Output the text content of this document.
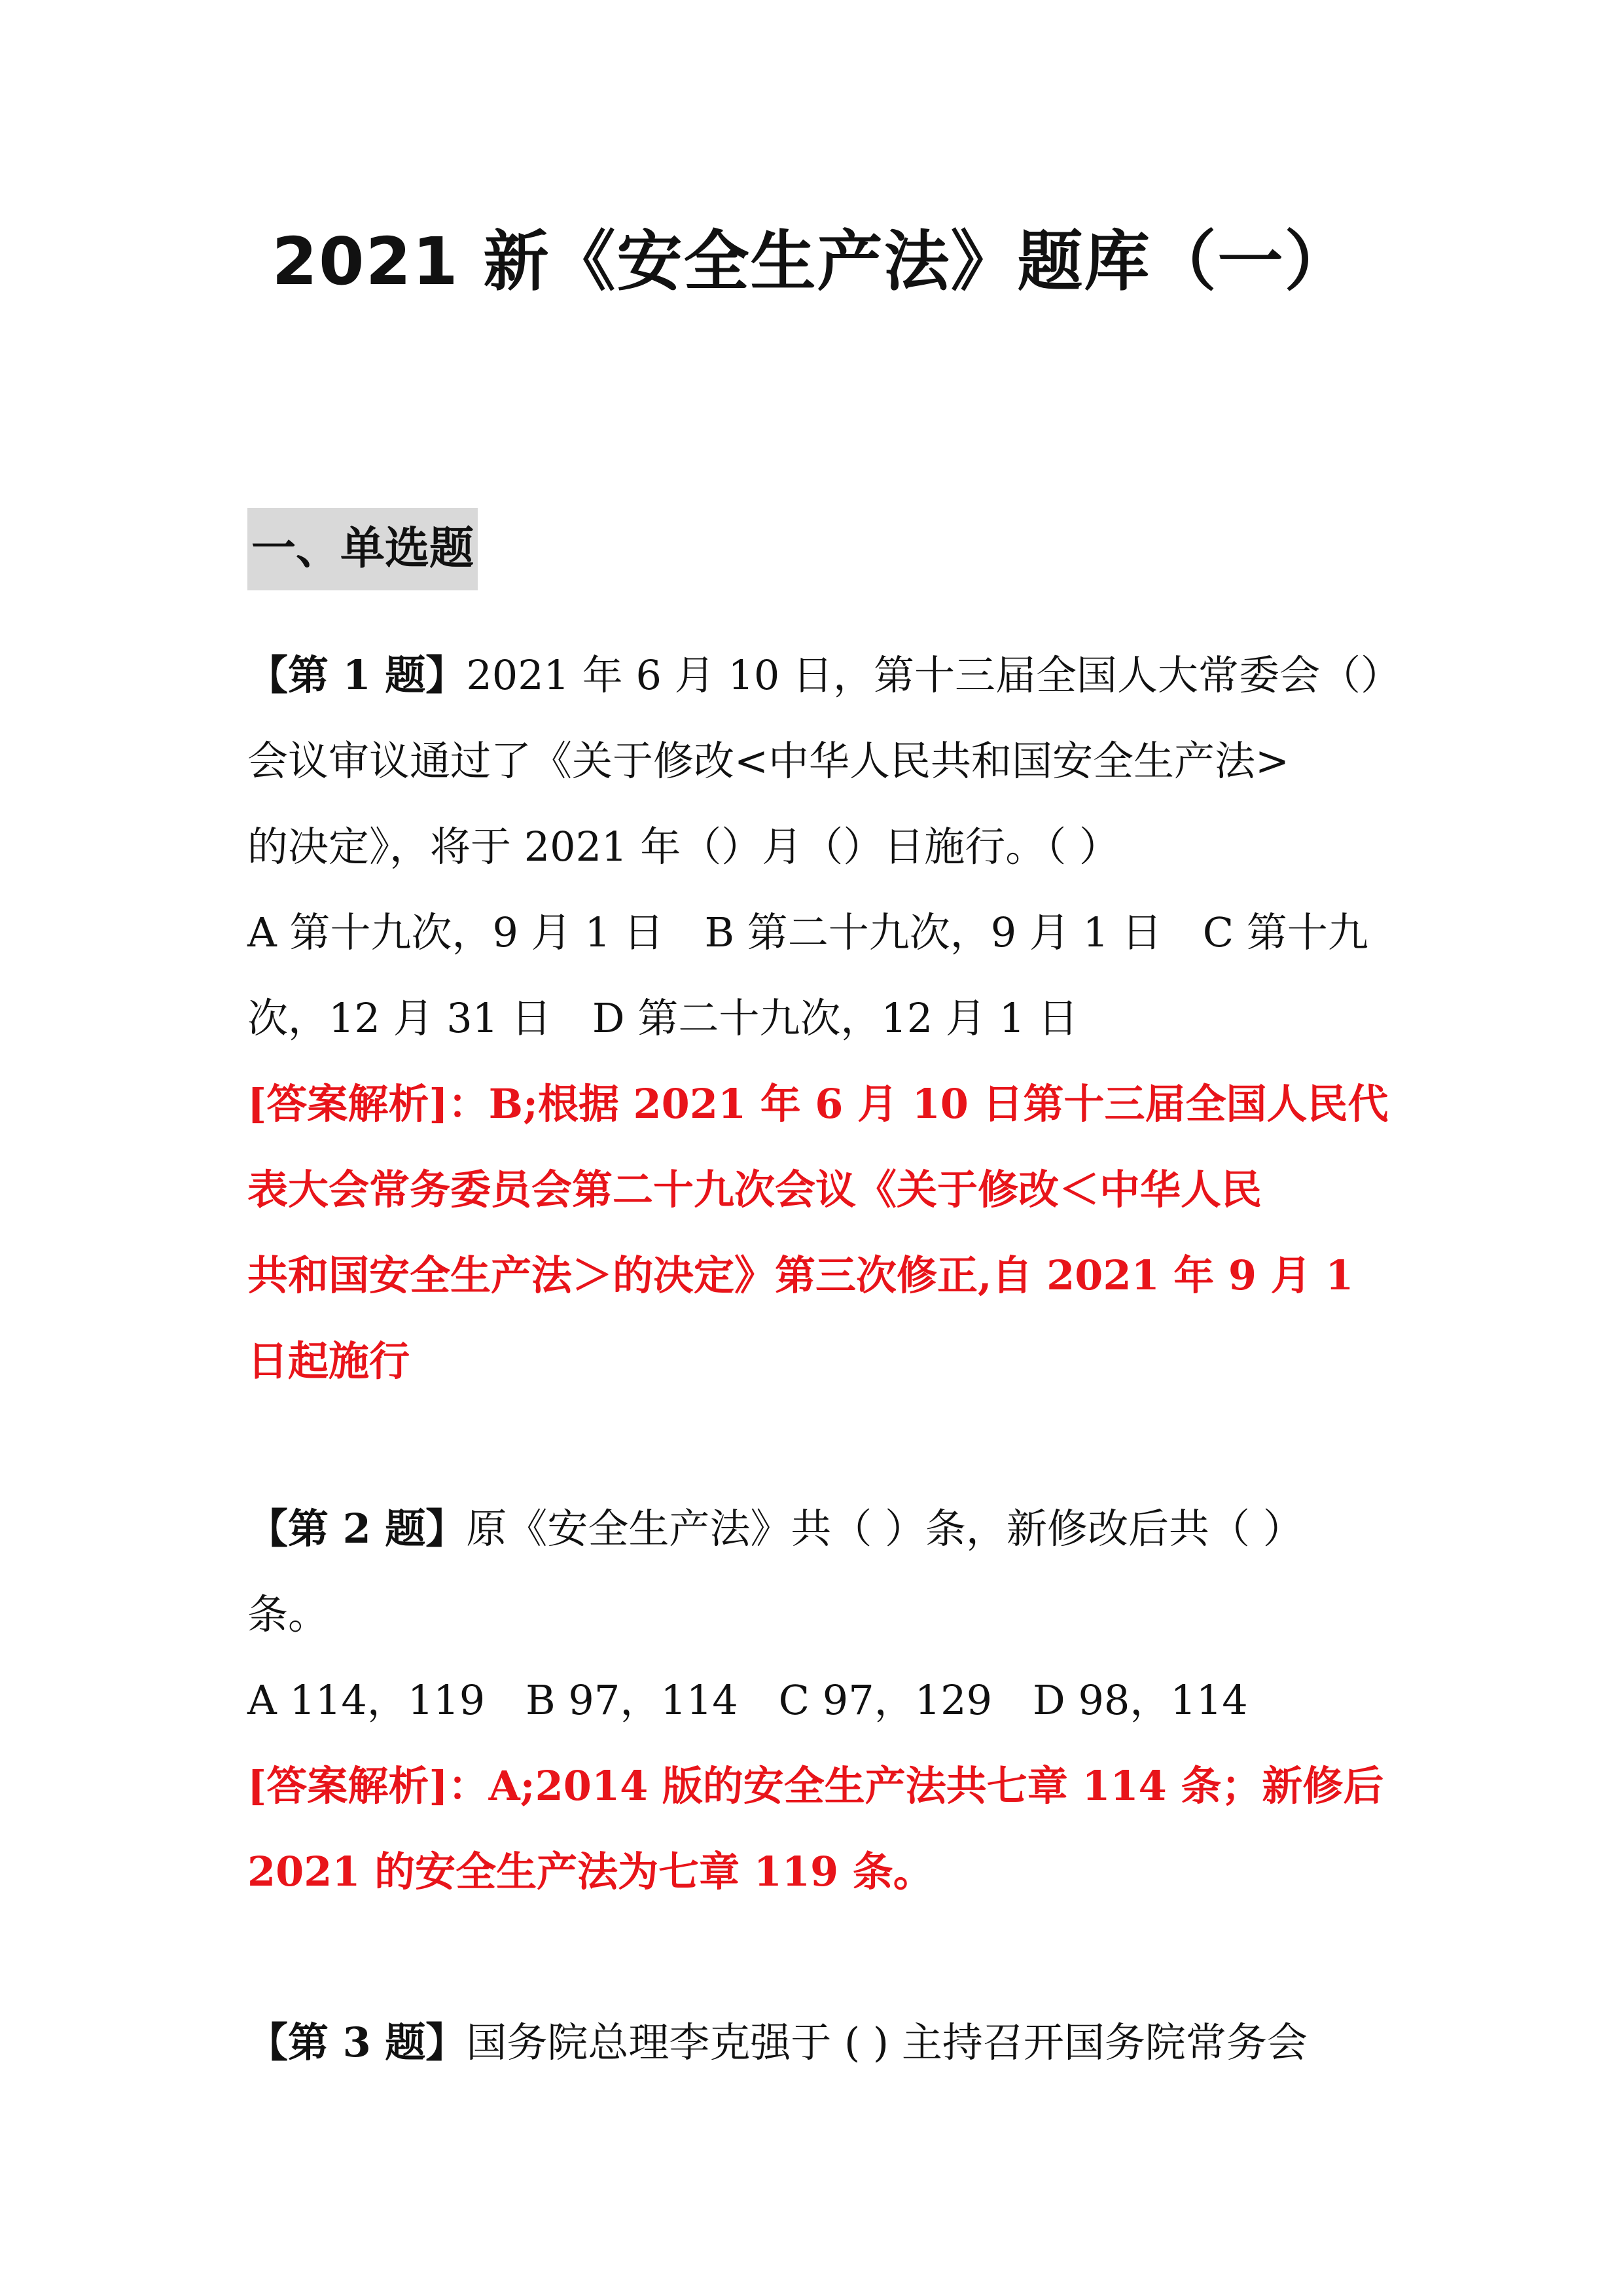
2021 新《安全生产法》题库（一）
一、单选题
【第 1 题】2021 年 6 月 10 日，第十三届全国人大常委会（）
会议审议通过了《关于修改<中华人民共和国安全生产法>
的决定》，将于 2021 年（）月（）日施行。（ ）
A 第十九次，9 月 1 日　B 第二十九次，9 月 1 日　C 第十九
次，12 月 31 日　D 第二十九次，12 月 1 日
[答案解析]：B;根据 2021 年 6 月 10 日第十三届全国人民代
表大会常务委员会第二十九次会议《关于修改＜中华人民
共和国安全生产法＞的决定》第三次修正,自 2021 年 9 月 1
日起施行
【第 2 题】原《安全生产法》共（ ）条，新修改后共（ ）
条。
A 114，119　B 97，114　C 97，129　D 98，114
[答案解析]：A;2014 版的安全生产法共七章 114 条；新修后
2021 的安全生产法为七章 119 条。
【第 3 题】国务院总理李克强于 ( ) 主持召开国务院常务会
